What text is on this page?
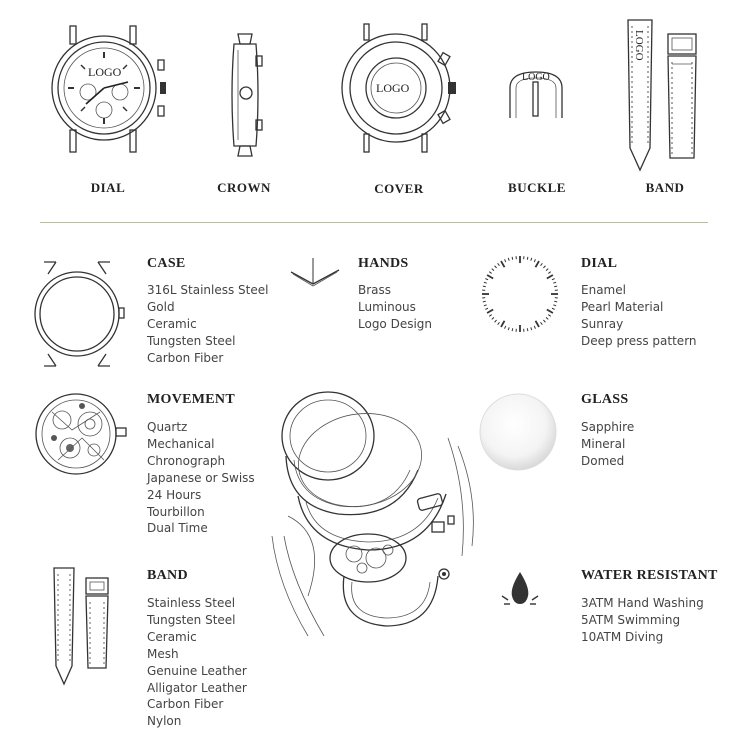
LOGO
LOGO
LOGO
LOGO
DIAL	CROWN	COVER	BUCKLE	BAND
CASE
316L Stainless Steel
Gold
Ceramic
Tungsten Steel
Carbon Fiber
HANDS
Brass
Luminous
Logo Design
DIAL
Enamel
Pearl Material
Sunray
Deep press pattern
MOVEMENT
Quartz
Mechanical
Chronograph
Japanese or Swiss
24 Hours
Tourbillon
Dual Time
GLASS
Sapphire
Mineral
Domed
BAND
Stainless Steel
Tungsten Steel
Ceramic
Mesh
Genuine Leather
Alligator Leather
Carbon Fiber
Nylon
WATER RESISTANT
3ATM Hand Washing
5ATM Swimming
10ATM Diving
